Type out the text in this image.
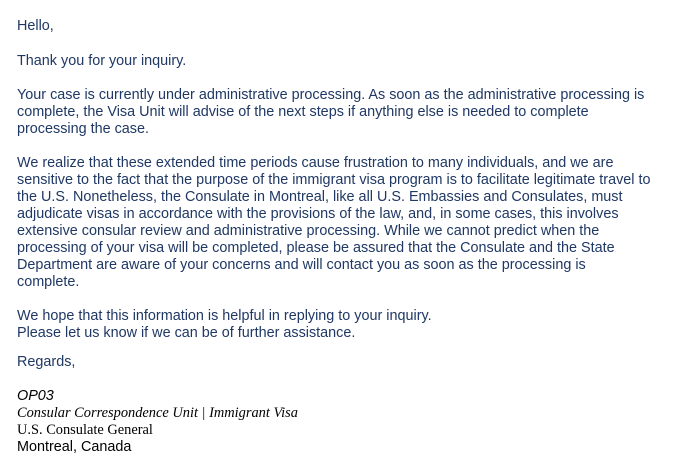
Hello,

Thank you for your inquiry.

Your case is currently under administrative processing. As soon as the administrative processing is
complete, the Visa Unit will advise of the next steps if anything else is needed to complete
processing the case.
We realize that these extended time periods cause frustration to many individuals, and we are
sensitive to the fact that the purpose of the immigrant visa program is to facilitate legitimate travel to
the U.S. Nonetheless, the Consulate in Montreal, like all U.S. Embassies and Consulates, must
adjudicate visas in accordance with the provisions of the law, and, in some cases, this involves
extensive consular review and administrative processing. While we cannot predict when the
processing of your visa will be completed, please be assured that the Consulate and the State
Department are aware of your concerns and will contact you as soon as the processing is
complete.
We hope that this information is helpful in replying to your inquiry.
Please let us know if we can be of further assistance.

Regards,

OP03
Consular Correspondence Unit | Immigrant Visa
U.S. Consulate General
Montreal, Canada
